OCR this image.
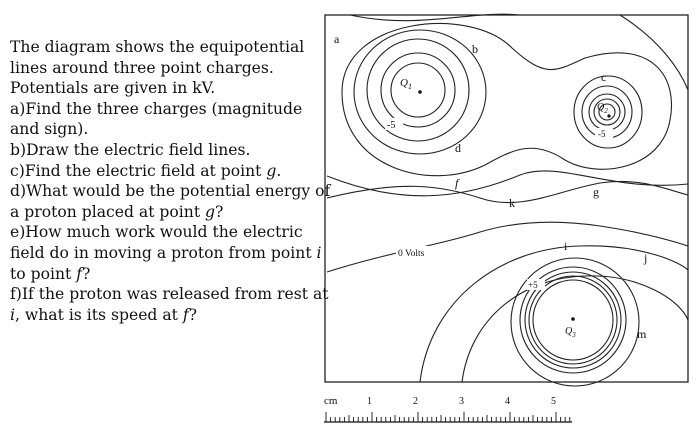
The diagram shows the equipotential
lines around three point charges.
Potentials are given in kV.
a)Find the three charges (magnitude
and sign).
b)Draw the electric field lines.
c)Find the electric field at point g.
d)What would be the potential energy of
a proton placed at point g?
e)How much work would the electric
field do in moving a proton from point i
to point f?
f)If the proton was released from rest at
i, what is its speed at f?
$Q_1$
$Q_2$
$Q_3$
-5
-5
0 Volts
+5
a
b
c
d
f
k
g
i
j
m
cm	1	2	3	4	5
